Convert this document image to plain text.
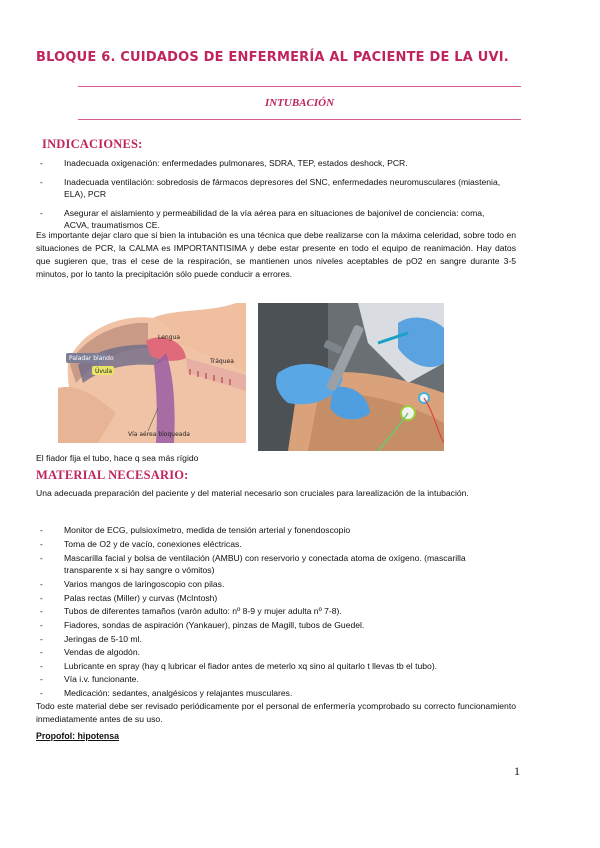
BLOQUE 6. CUIDADOS DE ENFERMERÍA AL PACIENTE DE LA UVI.
INTUBACIÓN
INDICACIONES:
- Inadecuada oxigenación: enfermedades pulmonares, SDRA, TEP, estados deshock, PCR.
- Inadecuada ventilación: sobredosis de fármacos depresores del SNC, enfermedades neuromusculares (miastenia, ELA), PCR
- Asegurar el aislamiento y permeabilidad de la vía aérea para en situaciones de bajonivel de conciencia: coma, ACVA, traumatismos CE.

Es importante dejar claro que si bien la intubación es una técnica que debe realizarse con la máxima celeridad, sobre todo en situaciones de PCR, la CALMA es IMPORTANTISIMA y debe estar presente en todo el equipo de reanimación. Hay datos que sugieren que, tras el cese de la respiración, se mantienen unos niveles aceptables de pO2 en sangre durante 3-5 minutos, por lo tanto la precipitación sólo puede conducir a errores.

Paladar blando
Úvula
Lengua
Tráquea
Vía aérea bloqueada

El fiador fija el tubo, hace q sea más rígido

MATERIAL NECESARIO:

Una adecuada preparación del paciente y del material necesario son cruciales para larealización de la intubación.

- Monitor de ECG, pulsioxímetro, medida de tensión arterial y fonendoscopio
- Toma de O2 y de vacío, conexiones eléctricas.
- Mascarilla facial y bolsa de ventilación (AMBU) con reservorio y conectada atoma de oxígeno. (mascarilla transparente x si hay sangre o vómitos)
- Varios mangos de laringoscopio con pilas.
- Palas rectas (Miller) y curvas (McIntosh)
- Tubos de diferentes tamaños (varón adulto: nº 8-9 y mujer adulta nº 7-8).
- Fiadores, sondas de aspiración (Yankauer), pinzas de Magill, tubos de Guedel.
- Jeringas de 5-10 ml.
- Vendas de algodón.
- Lubricante en spray (hay q lubricar el fiador antes de meterlo xq sino al quitarlo t llevas tb el tubo).
- Vía i.v. funcionante.
- Medicación: sedantes, analgésicos y relajantes musculares.

Todo este material debe ser revisado periódicamente por el personal de enfermería ycomprobado su correcto funcionamiento inmediatamente antes de su uso.

Propofol: hipotensa

1
